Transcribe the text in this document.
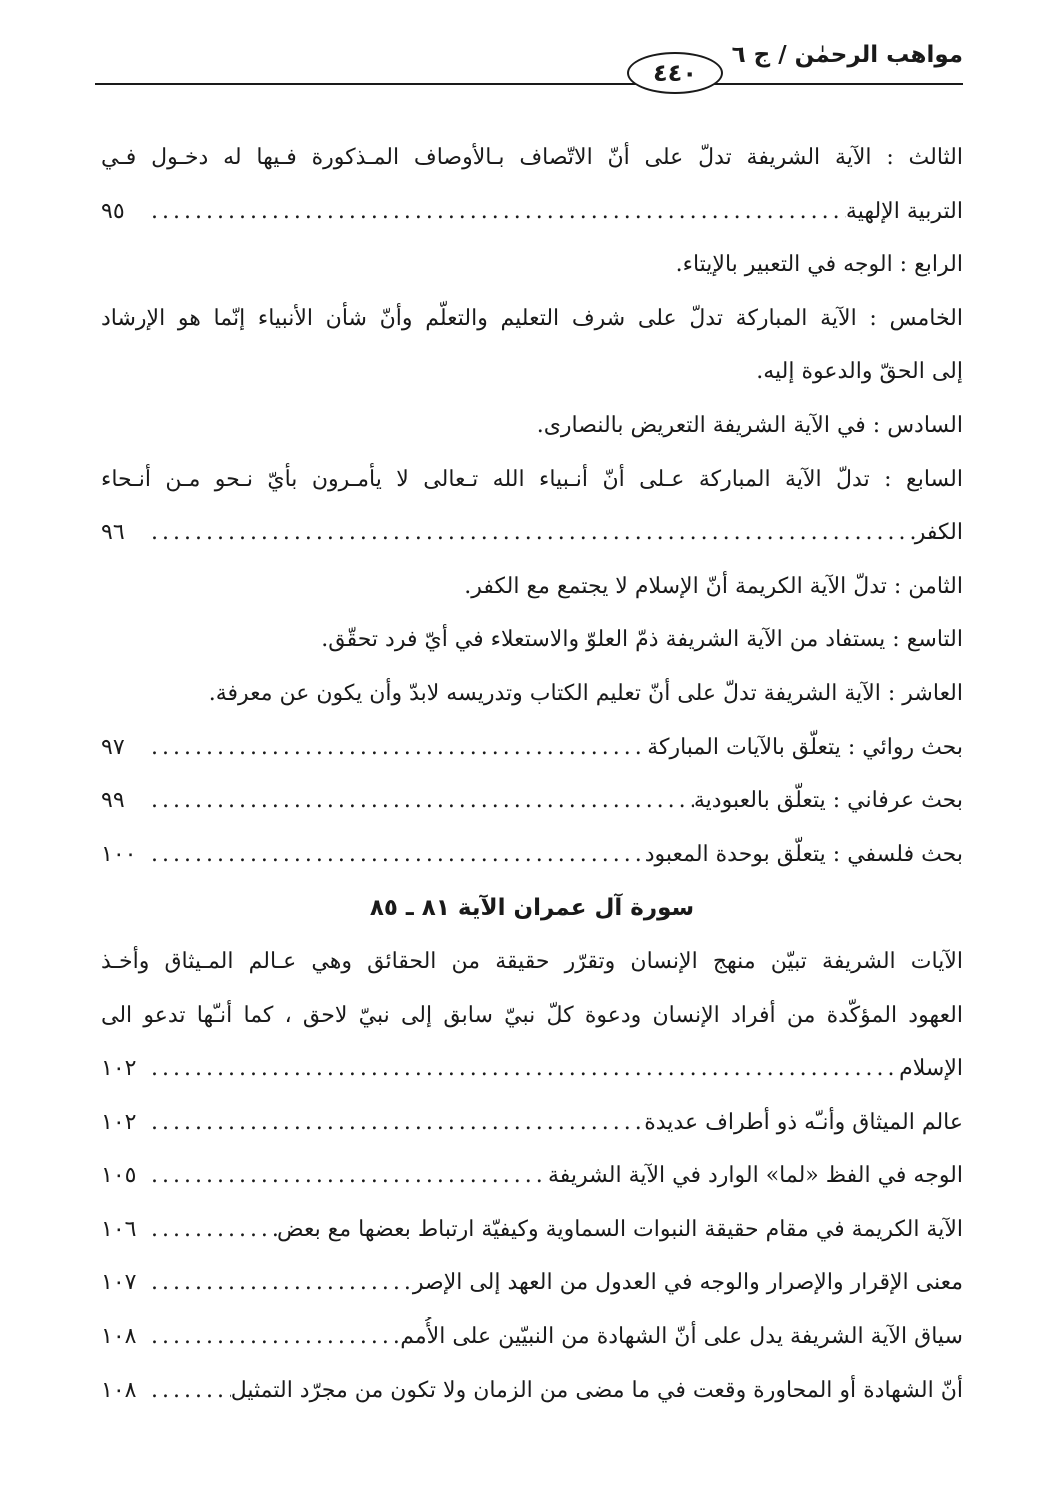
مواهب الرحمٰن / ج ٦
٤٤٠
الثالث : الآية الشريفة تدلّ على أنّ الاتّصاف بـالأوصاف المـذكورة فـيها له دخـول فـي
التربية الإلهية
.....
٩٥
الرابع : الوجه في التعبير بالإيتاء.
الخامس : الآية المباركة تدلّ على شرف التعليم والتعلّم وأنّ شأن الأنبياء إنّما هو الإرشاد
إلى الحقّ والدعوة إليه.
السادس : في الآية الشريفة التعريض بالنصارى.
السابع : تدلّ الآية المباركة عـلى أنّ أنـبياء الله تـعالى لا يأمـرون بأيّ نـحو مـن أنـحاء
الكفر
.....
٩٦
الثامن : تدلّ الآية الكريمة أنّ الإسلام لا يجتمع مع الكفر.
التاسع : يستفاد من الآية الشريفة ذمّ العلوّ والاستعلاء في أيّ فرد تحقّق.
العاشر : الآية الشريفة تدلّ على أنّ تعليم الكتاب وتدريسه لابدّ وأن يكون عن معرفة.
بحث روائي : يتعلّق بالآيات المباركة
.....
٩٧
بحث عرفاني : يتعلّق بالعبودية
.....
٩٩
بحث فلسفي : يتعلّق بوحدة المعبود
.....
١٠٠
سورة آل عمران الآية ٨١ ـ ٨٥
الآيات الشريفة تبيّن منهج الإنسان وتقرّر حقيقة من الحقائق وهي عـالم المـيثاق وأخـذ
العهود المؤكّدة من أفراد الإنسان ودعوة كلّ نبيّ سابق إلى نبيّ لاحق ، كما أنـّها تدعو الى
الإسلام
.....
١٠٢
عالم الميثاق وأنـّه ذو أطراف عديدة
.....
١٠٢
الوجه في الفظ «لما» الوارد في الآية الشريفة
.....
١٠٥
الآية الكريمة في مقام حقيقة النبوات السماوية وكيفيّة ارتباط بعضها مع بعض
.....
١٠٦
معنى الإقرار والإصرار والوجه في العدول من العهد إلى الإصر
.....
١٠٧
سياق الآية الشريفة يدل على أنّ الشهادة من النبيّين على الأُمم
.....
١٠٨
أنّ الشهادة أو المحاورة وقعت في ما مضى من الزمان ولا تكون من مجرّد التمثيل
.....
١٠٨
